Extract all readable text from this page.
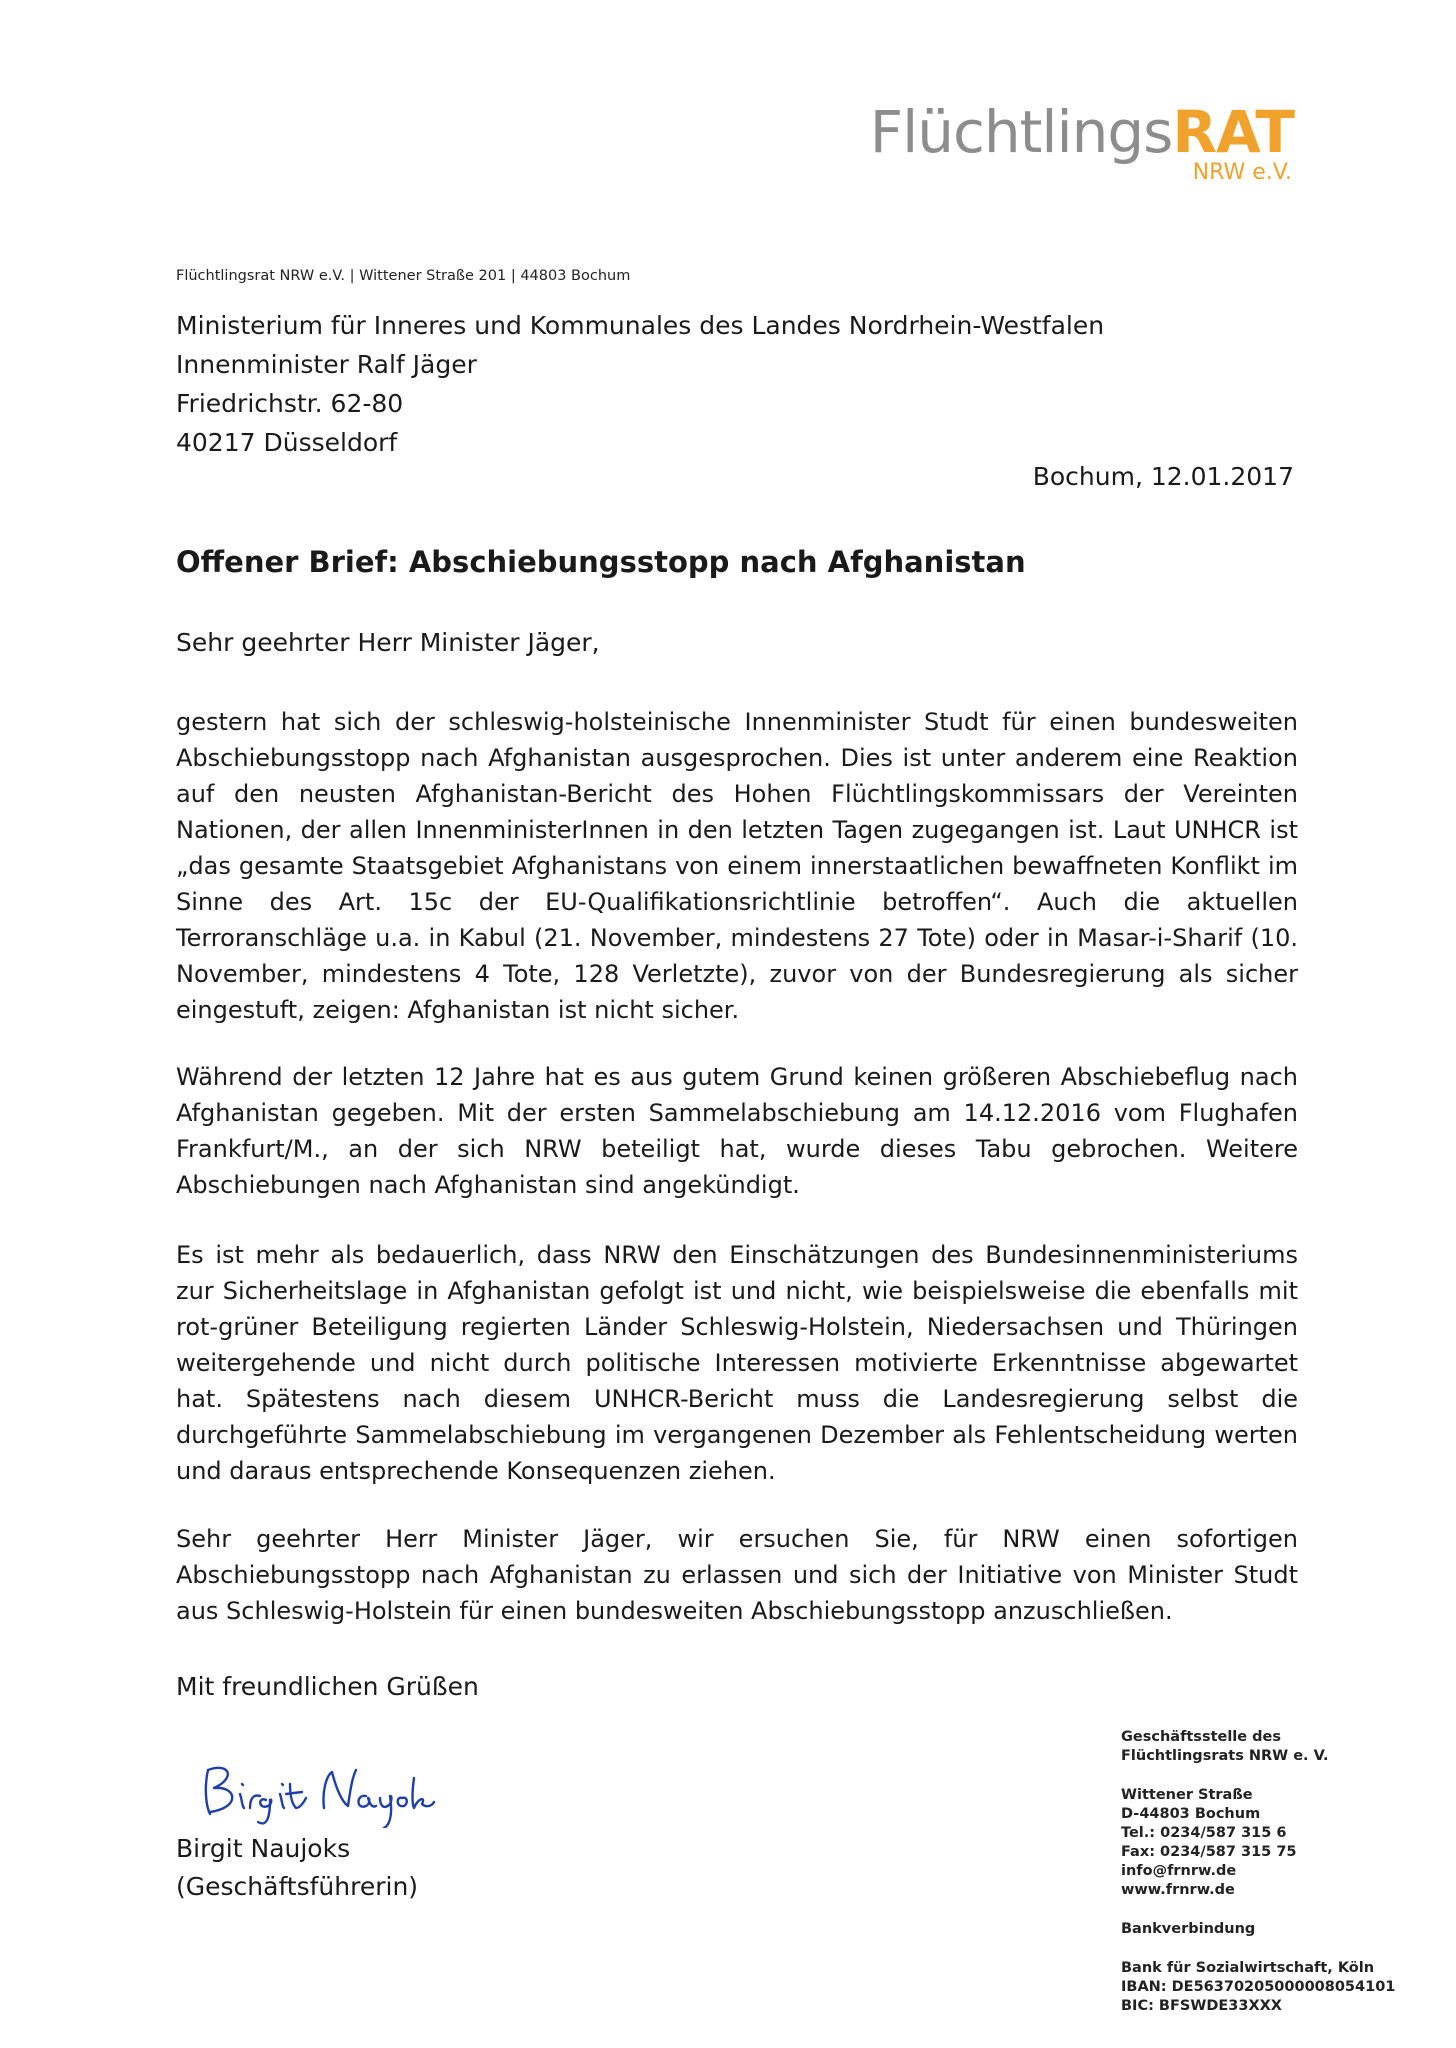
FlüchtlingsRAT
NRW e.V.
Flüchtlingsrat NRW e.V. | Wittener Straße 201 | 44803 Bochum
Ministerium für Inneres und Kommunales des Landes Nordrhein-Westfalen
Innenminister Ralf Jäger
Friedrichstr. 62-80
40217 Düsseldorf
Bochum, 12.01.2017
Offener Brief: Abschiebungsstopp nach Afghanistan
Sehr geehrter Herr Minister Jäger,

gestern hat sich der schleswig-holsteinische Innenminister Studt für einen bundesweiten Abschiebungsstopp nach Afghanistan ausgesprochen. Dies ist unter anderem eine Reaktion auf den neusten Afghanistan-Bericht des Hohen Flüchtlingskommissars der Vereinten Nationen, der allen InnenministerInnen in den letzten Tagen zugegangen ist. Laut UNHCR ist „das gesamte Staatsgebiet Afghanistans von einem innerstaatlichen bewaffneten Konflikt im Sinne des Art. 15c der EU-Qualifikationsrichtlinie betroffen“. Auch die aktuellen Terroranschläge u.a. in Kabul (21. November, mindestens 27 Tote) oder in Masar-i-Sharif (10. November, mindestens 4 Tote, 128 Verletzte), zuvor von der Bundesregierung als sicher eingestuft, zeigen: Afghanistan ist nicht sicher.

Während der letzten 12 Jahre hat es aus gutem Grund keinen größeren Abschiebeflug nach Afghanistan gegeben. Mit der ersten Sammelabschiebung am 14.12.2016 vom Flughafen Frankfurt/M., an der sich NRW beteiligt hat, wurde dieses Tabu gebrochen. Weitere Abschiebungen nach Afghanistan sind angekündigt.

Es ist mehr als bedauerlich, dass NRW den Einschätzungen des Bundesinnenministeriums zur Sicherheitslage in Afghanistan gefolgt ist und nicht, wie beispielsweise die ebenfalls mit rot-grüner Beteiligung regierten Länder Schleswig-Holstein, Niedersachsen und Thüringen weitergehende und nicht durch politische Interessen motivierte Erkenntnisse abgewartet hat. Spätestens nach diesem UNHCR-Bericht muss die Landesregierung selbst die durchgeführte Sammelabschiebung im vergangenen Dezember als Fehlentscheidung werten und daraus entsprechende Konsequenzen ziehen.

Sehr geehrter Herr Minister Jäger, wir ersuchen Sie, für NRW einen sofortigen Abschiebungsstopp nach Afghanistan zu erlassen und sich der Initiative von Minister Studt aus Schleswig-Holstein für einen bundesweiten Abschiebungsstopp anzuschließen.

Mit freundlichen Grüßen
Birgit Naujoks
(Geschäftsführerin)
Geschäftsstelle des
Flüchtlingsrats NRW e. V.
Wittener Straße
D-44803 Bochum
Tel.: 0234/587 315 6
Fax: 0234/587 315 75
info@frnrw.de
www.frnrw.de
Bankverbindung
Bank für Sozialwirtschaft, Köln
IBAN: DE56370205000008054101
BIC: BFSWDE33XXX
